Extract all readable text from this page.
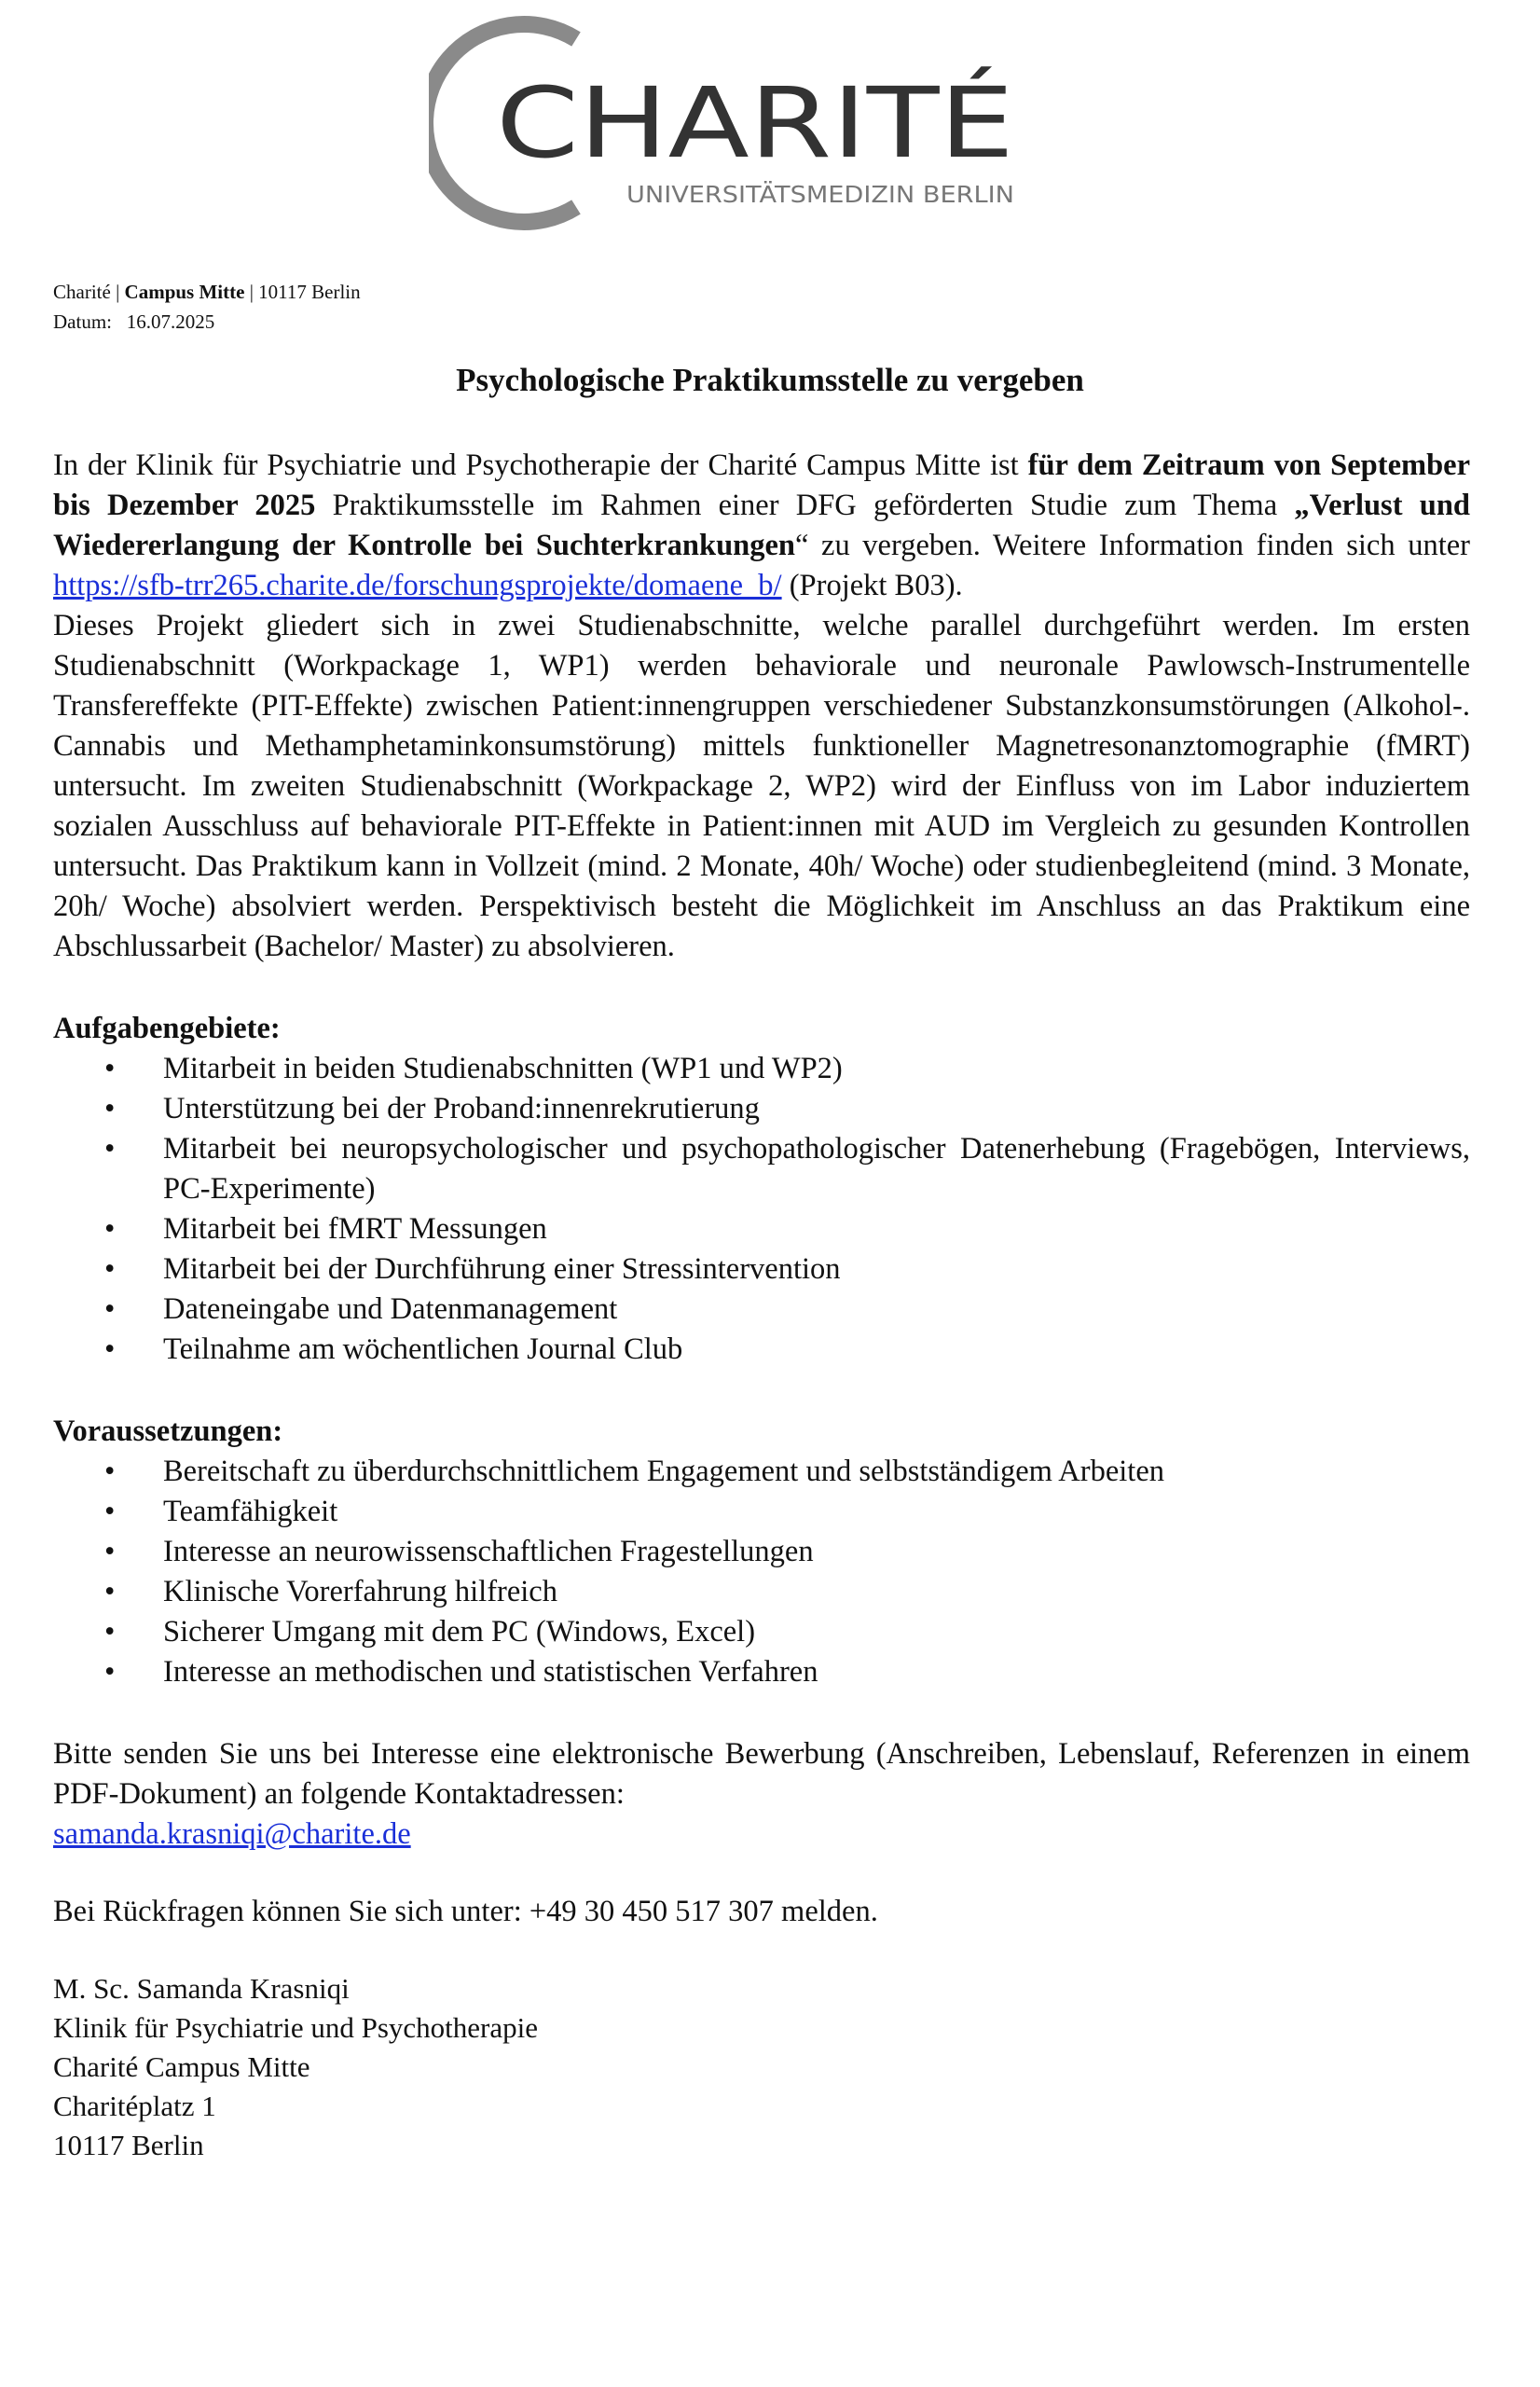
CHARITÉ
UNIVERSITÄTSMEDIZIN BERLIN
Charité | Campus Mitte | 10117 Berlin
Datum: 16.07.2025
Psychologische Praktikumsstelle zu vergeben

In der Klinik für Psychiatrie und Psychotherapie der Charité Campus Mitte ist für dem Zeitraum von September bis Dezember 2025 Praktikumsstelle im Rahmen einer DFG geförderten Studie zum Thema „Verlust und Wiedererlangung der Kontrolle bei Suchterkrankungen“ zu vergeben. Weitere Information finden sich unter https://sfb-trr265.charite.de/forschungsprojekte/domaene_b/ (Projekt B03).

Dieses Projekt gliedert sich in zwei Studienabschnitte, welche parallel durchgeführt werden. Im ersten Studienabschnitt (Workpackage 1, WP1) werden behaviorale und neuronale Pawlowsch-Instrumentelle Transfereffekte (PIT-Effekte) zwischen Patient:innengruppen verschiedener Substanzkonsumstörungen (Alkohol-. Cannabis und Methamphetaminkonsumstörung) mittels funktioneller Magnetresonanztomographie (fMRT) untersucht. Im zweiten Studienabschnitt (Workpackage 2, WP2) wird der Einfluss von im Labor induziertem sozialen Ausschluss auf behaviorale PIT-Effekte in Patient:innen mit AUD im Vergleich zu gesunden Kontrollen untersucht. Das Praktikum kann in Vollzeit (mind. 2 Monate, 40h/ Woche) oder studienbegleitend (mind. 3 Monate, 20h/ Woche) absolviert werden. Perspektivisch besteht die Möglichkeit im Anschluss an das Praktikum eine Abschlussarbeit (Bachelor/ Master) zu absolvieren.

Aufgabengebiete:
• Mitarbeit in beiden Studienabschnitten (WP1 und WP2)
• Unterstützung bei der Proband:innenrekrutierung
• Mitarbeit bei neuropsychologischer und psychopathologischer Datenerhebung (Fragebögen, Interviews, PC-Experimente)
• Mitarbeit bei fMRT Messungen
• Mitarbeit bei der Durchführung einer Stressintervention
• Dateneingabe und Datenmanagement
• Teilnahme am wöchentlichen Journal Club
Voraussetzungen:
• Bereitschaft zu überdurchschnittlichem Engagement und selbstständigem Arbeiten
• Teamfähigkeit
• Interesse an neurowissenschaftlichen Fragestellungen
• Klinische Vorerfahrung hilfreich
• Sicherer Umgang mit dem PC (Windows, Excel)
• Interesse an methodischen und statistischen Verfahren

Bitte senden Sie uns bei Interesse eine elektronische Bewerbung (Anschreiben, Lebenslauf, Referenzen in einem PDF-Dokument) an folgende Kontaktadressen:

samanda.krasniqi@charite.de

Bei Rückfragen können Sie sich unter: +49 30 450 517 307 melden.

M. Sc. Samanda Krasniqi
Klinik für Psychiatrie und Psychotherapie
Charité Campus Mitte
Charitéplatz 1
10117 Berlin
